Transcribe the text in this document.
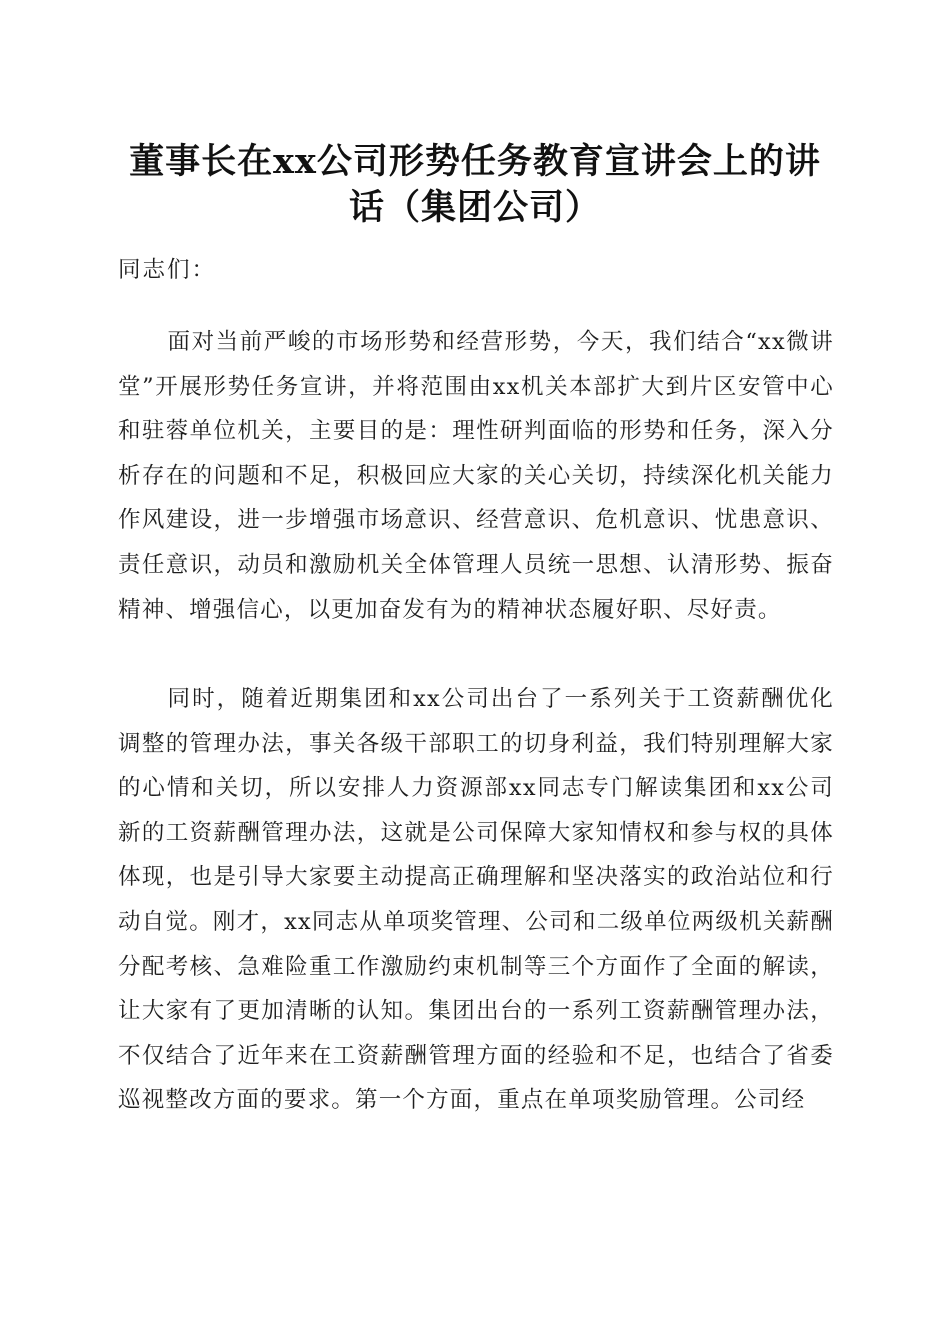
董事长在xx公司形势任务教育宣讲会上的讲
话（集团公司）
同志们：

面对当前严峻的市场形势和经营形势，今天，我们结合“xx微讲堂”开展形势任务宣讲，并将范围由xx机关本部扩大到片区安管中心和驻蓉单位机关，主要目的是：理性研判面临的形势和任务，深入分析存在的问题和不足，积极回应大家的关心关切，持续深化机关能力作风建设，进一步增强市场意识、经营意识、危机意识、忧患意识、责任意识，动员和激励机关全体管理人员统一思想、认清形势、振奋精神、增强信心，以更加奋发有为的精神状态履好职、尽好责。

同时，随着近期集团和xx公司出台了一系列关于工资薪酬优化调整的管理办法，事关各级干部职工的切身利益，我们特别理解大家的心情和关切，所以安排人力资源部xx同志专门解读集团和xx公司新的工资薪酬管理办法，这就是公司保障大家知情权和参与权的具体体现，也是引导大家要主动提高正确理解和坚决落实的政治站位和行动自觉。刚才，xx同志从单项奖管理、公司和二级单位两级机关薪酬分配考核、急难险重工作激励约束机制等三个方面作了全面的解读，让大家有了更加清晰的认知。集团出台的一系列工资薪酬管理办法，不仅结合了近年来在工资薪酬管理方面的经验和不足，也结合了省委巡视整改方面的要求。第一个方面，重点在单项奖励管理。公司经
